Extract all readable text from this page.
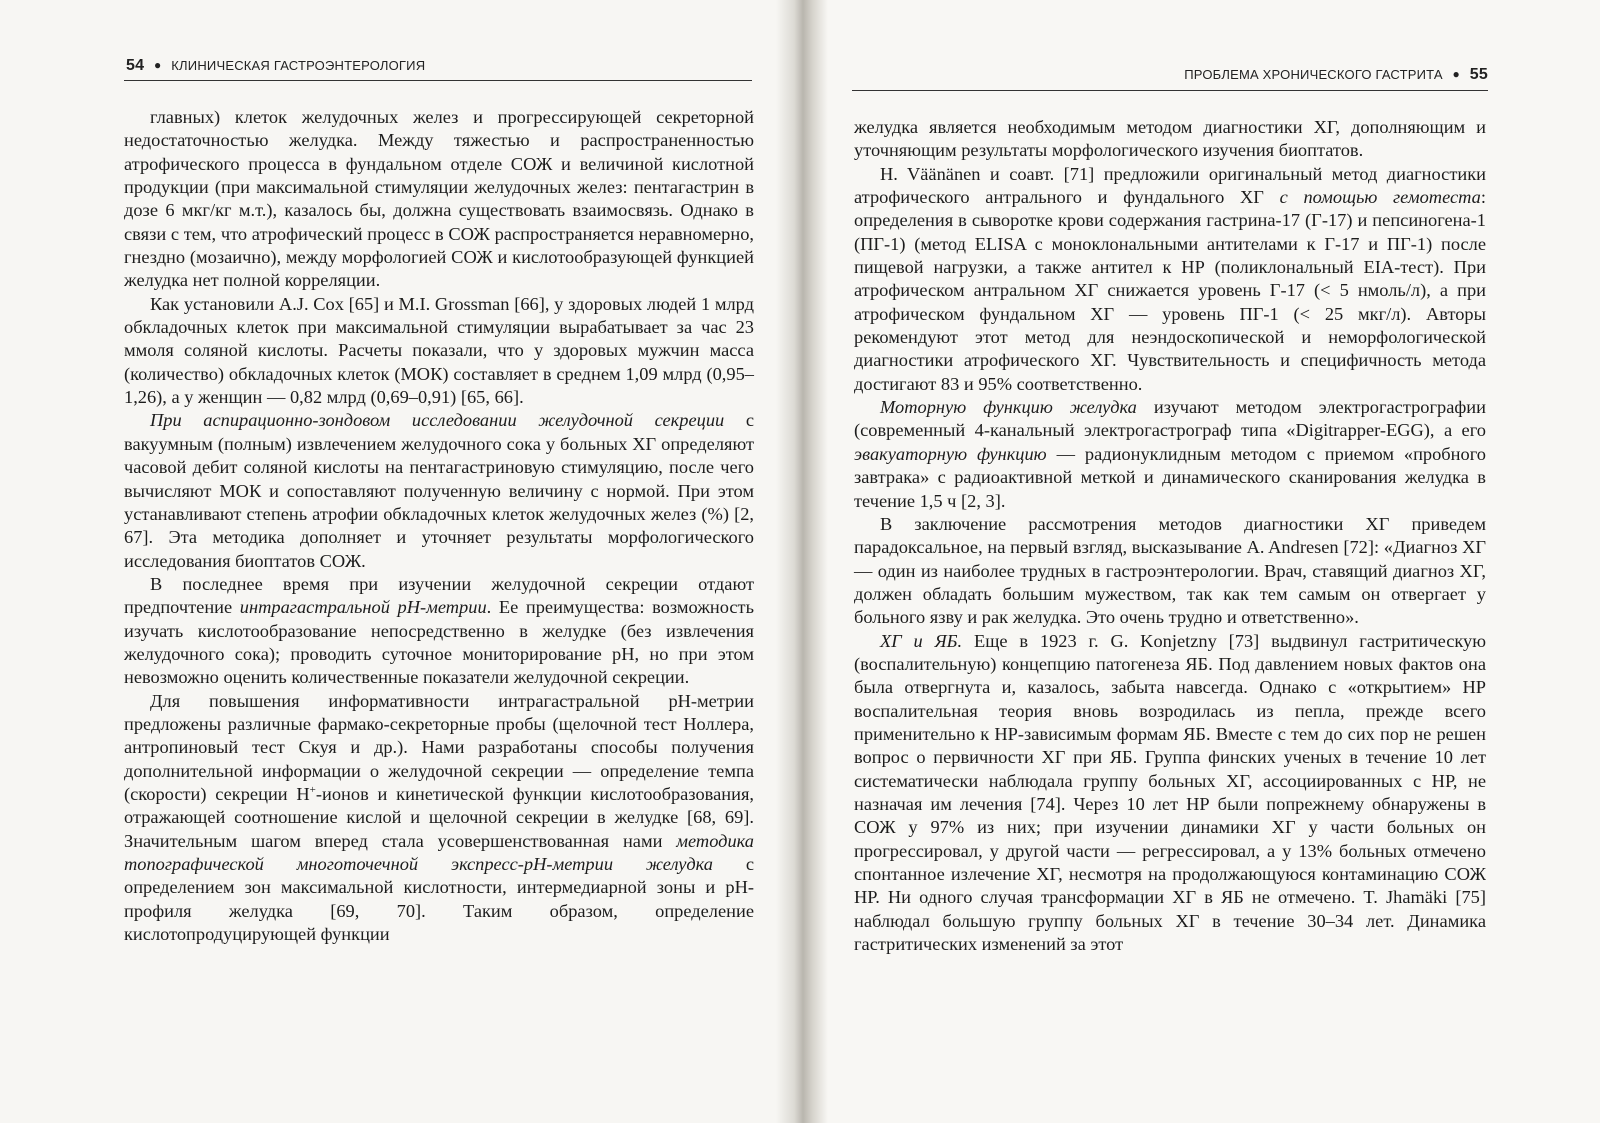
54 ● КЛИНИЧЕСКАЯ ГАСТРОЭНТЕРОЛОГИЯ

главных) клеток желудочных желез и прогрессирующей секреторной недостаточностью желудка. Между тяжестью и распространенностью атрофического процесса в фундальном отделе СОЖ и величиной кислотной продукции (при максимальной стимуляции желудочных желез: пентагастрин в дозе 6 мкг/кг м.т.), казалось бы, должна существовать взаимосвязь. Однако в связи с тем, что атрофический процесс в СОЖ распространяется неравномерно, гнездно (мозаично), между морфологией СОЖ и кислотообразующей функцией желудка нет полной корреляции.

Как установили A.J. Cox [65] и M.I. Grossman [66], у здоровых людей 1 млрд обкладочных клеток при максимальной стимуляции вырабатывает за час 23 ммоля соляной кислоты. Расчеты показали, что у здоровых мужчин масса (количество) обкладочных клеток (МОК) составляет в среднем 1,09 млрд (0,95–1,26), а у женщин — 0,82 млрд (0,69–0,91) [65, 66].

При аспирационно-зондовом исследовании желудочной секреции с вакуумным (полным) извлечением желудочного сока у больных ХГ определяют часовой дебит соляной кислоты на пентагастриновую стимуляцию, после чего вычисляют МОК и сопоставляют полученную величину с нормой. При этом устанавливают степень атрофии обкладочных клеток желудочных желез (%) [2, 67]. Эта методика дополняет и уточняет результаты морфологического исследования биоптатов СОЖ.

В последнее время при изучении желудочной секреции отдают предпочтение интрагастральной рН-метрии. Ее преимущества: возможность изучать кислотообразование непосредственно в желудке (без извлечения желудочного сока); проводить суточное мониторирование рН, но при этом невозможно оценить количественные показатели желудочной секреции.

Для повышения информативности интрагастральной рН-метрии предложены различные фармако-секреторные пробы (щелочной тест Ноллера, антропиновый тест Скуя и др.). Нами разработаны способы получения дополнительной информации о желудочной секреции — определение темпа (скорости) секреции H+-ионов и кинетической функции кислотообразования, отражающей соотношение кислой и щелочной секреции в желудке [68, 69]. Значительным шагом вперед стала усовершенствованная нами методика топографической многоточечной экспресс-рН-метрии желудка с определением зон максимальной кислотности, интермедиарной зоны и рН-профиля желудка [69, 70]. Таким образом, определение кислотопродуцирующей функции

ПРОБЛЕМА ХРОНИЧЕСКОГО ГАСТРИТА ● 55

желудка является необходимым методом диагностики ХГ, дополняющим и уточняющим результаты морфологического изучения биоптатов.

H. Väänänen и соавт. [71] предложили оригинальный метод диагностики атрофического антрального и фундального ХГ с помощью гемотеста: определения в сыворотке крови содержания гастрина-17 (Г-17) и пепсиногена-1 (ПГ-1) (метод ELISA с моноклональными антителами к Г-17 и ПГ-1) после пищевой нагрузки, а также антител к НР (поликлональный EIA-тест). При атрофическом антральном ХГ снижается уровень Г-17 (< 5 нмоль/л), а при атрофическом фундальном ХГ — уровень ПГ-1 (< 25 мкг/л). Авторы рекомендуют этот метод для неэндоскопической и неморфологической диагностики атрофического ХГ. Чувствительность и специфичность метода достигают 83 и 95% соответственно.

Моторную функцию желудка изучают методом электрогастрографии (современный 4-канальный электрогастрограф типа «Digitrapper-EGG), а его эвакуаторную функцию — радионуклидным методом с приемом «пробного завтрака» с радиоактивной меткой и динамического сканирования желудка в течение 1,5 ч [2, 3].

В заключение рассмотрения методов диагностики ХГ приведем парадоксальное, на первый взгляд, высказывание A. Andresen [72]: «Диагноз ХГ — один из наиболее трудных в гастроэнтерологии. Врач, ставящий диагноз ХГ, должен обладать большим мужеством, так как тем самым он отвергает у больного язву и рак желудка. Это очень трудно и ответственно».

ХГ и ЯБ. Еще в 1923 г. G. Konjetzny [73] выдвинул гастритическую (воспалительную) концепцию патогенеза ЯБ. Под давлением новых фактов она была отвергнута и, казалось, забыта навсегда. Однако с «открытием» НР воспалительная теория вновь возродилась из пепла, прежде всего применительно к НР-зависимым формам ЯБ. Вместе с тем до сих пор не решен вопрос о первичности ХГ при ЯБ. Группа финских ученых в течение 10 лет систематически наблюдала группу больных ХГ, ассоциированных с НР, не назначая им лечения [74]. Через 10 лет НР были попрежнему обнаружены в СОЖ у 97% из них; при изучении динамики ХГ у части больных он прогрессировал, у другой части — регрессировал, а у 13% больных отмечено спонтанное излечение ХГ, несмотря на продолжающуюся контаминацию СОЖ НР. Ни одного случая трансформации ХГ в ЯБ не отмечено. T. Jhamäki [75] наблюдал большую группу больных ХГ в течение 30–34 лет. Динамика гастритических изменений за этот
